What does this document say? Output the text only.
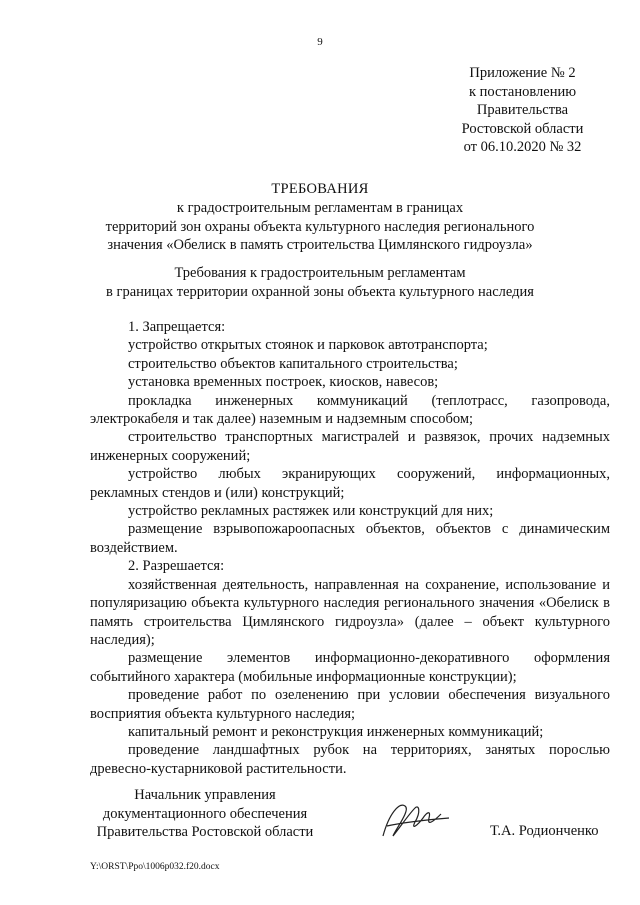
9
Приложение № 2
к постановлению
Правительства
Ростовской области
от 06.10.2020 № 32
ТРЕБОВАНИЯ
к градостроительным регламентам в границах
территорий зон охраны объекта культурного наследия регионального
значения «Обелиск в память строительства Цимлянского гидроузла»
Требования к градостроительным регламентам
в границах территории охранной зоны объекта культурного наследия

1. Запрещается:

устройство открытых стоянок и парковок автотранспорта;

строительство объектов капитального строительства;

установка временных построек, киосков, навесов;

прокладка инженерных коммуникаций (теплотрасс, газопровода, электрокабеля и так далее) наземным и надземным способом;

строительство транспортных магистралей и развязок, прочих надземных инженерных сооружений;

устройство любых экранирующих сооружений, информационных, рекламных стендов и (или) конструкций;

устройство рекламных растяжек или конструкций для них;

размещение взрывопожароопасных объектов, объектов с динамическим воздействием.

2. Разрешается:

хозяйственная деятельность, направленная на сохранение, использование и популяризацию объекта культурного наследия регионального значения «Обелиск в память строительства Цимлянского гидроузла» (далее – объект культурного наследия);

размещение элементов информационно-декоративного оформления событийного характера (мобильные информационные конструкции);

проведение работ по озеленению при условии обеспечения визуального восприятия объекта культурного наследия;

капитальный ремонт и реконструкция инженерных коммуникаций;

проведение ландшафтных рубок на территориях, занятых порослью древесно-кустарниковой растительности.

Начальник управления
документационного обеспечения
Правительства Ростовской области	Т.А. Родионченко
Y:\ORST\Ppo\1006p032.f20.docx
